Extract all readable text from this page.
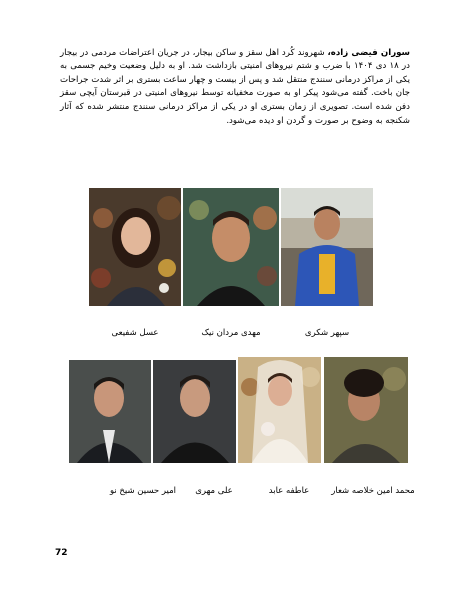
سوران فیضی زاده، شهروند کُرد اهل سقز و ساکن بیجار، در جریان اعتراضات مردمی در بیجار در ۱۸ دی ۱۴۰۴ با ضرب و شتم نیروهای امنیتی بازداشت شد. او به دلیل وضعیت وخیم جسمی به یکی از مراکز درمانی سنندج منتقل شد و پس از بیست و چهار ساعت بستری بر اثر شدت جراحات جان باخت. گفته می‌شود پیکر او به صورت مخفیانه توسط نیروهای امنیتی در قبرستان آیچی سقز دفن شده است. تصویری از زمان بستری او در یکی از مراکز درمانی سنندج منتشر شده که آثار شکنجه به وضوح بر صورت و گردن او دیده می‌شود.

عسل شفیعی	مهدی مردان نیک	سپهر شکری
امیر حسین شیخ نو	علی مهری	عاطفه عابد	محمد امین خلاصه شعار
72
